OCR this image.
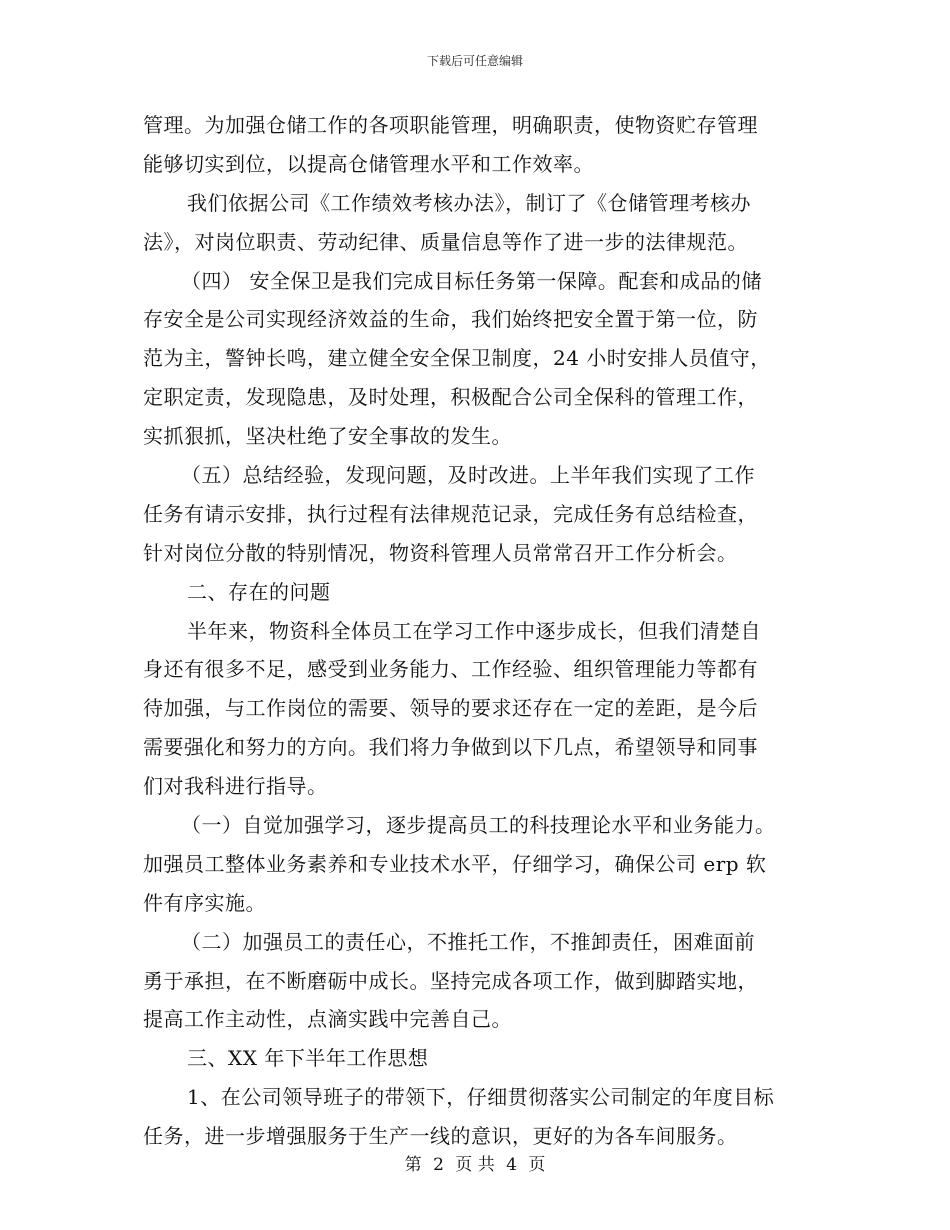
下载后可任意编辑
管理。为加强仓储工作的各项职能管理，明确职责，使物资贮存管理
能够切实到位，以提高仓储管理水平和工作效率。
我们依据公司《工作绩效考核办法》，制订了《仓储管理考核办
法》，对岗位职责、劳动纪律、质量信息等作了进一步的法律规范。
（四） 安全保卫是我们完成目标任务第一保障。配套和成品的储
存安全是公司实现经济效益的生命，我们始终把安全置于第一位，防
范为主，警钟长鸣，建立健全安全保卫制度，24 小时安排人员值守，
定职定责，发现隐患，及时处理，积极配合公司全保科的管理工作，
实抓狠抓，坚决杜绝了安全事故的发生。
（五）总结经验，发现问题，及时改进。上半年我们实现了工作
任务有请示安排，执行过程有法律规范记录，完成任务有总结检查，
针对岗位分散的特别情况，物资科管理人员常常召开工作分析会。
二、存在的问题
半年来，物资科全体员工在学习工作中逐步成长，但我们清楚自
身还有很多不足，感受到业务能力、工作经验、组织管理能力等都有
待加强，与工作岗位的需要、领导的要求还存在一定的差距，是今后
需要强化和努力的方向。我们将力争做到以下几点，希望领导和同事
们对我科进行指导。
（一）自觉加强学习，逐步提高员工的科技理论水平和业务能力。
加强员工整体业务素养和专业技术水平，仔细学习，确保公司 erp 软
件有序实施。
（二）加强员工的责任心，不推托工作，不推卸责任，困难面前
勇于承担，在不断磨砺中成长。坚持完成各项工作，做到脚踏实地，
提高工作主动性，点滴实践中完善自己。
三、XX 年下半年工作思想
1、在公司领导班子的带领下，仔细贯彻落实公司制定的年度目标
任务，进一步增强服务于生产一线的意识，更好的为各车间服务。
第 2 页 共 4 页
